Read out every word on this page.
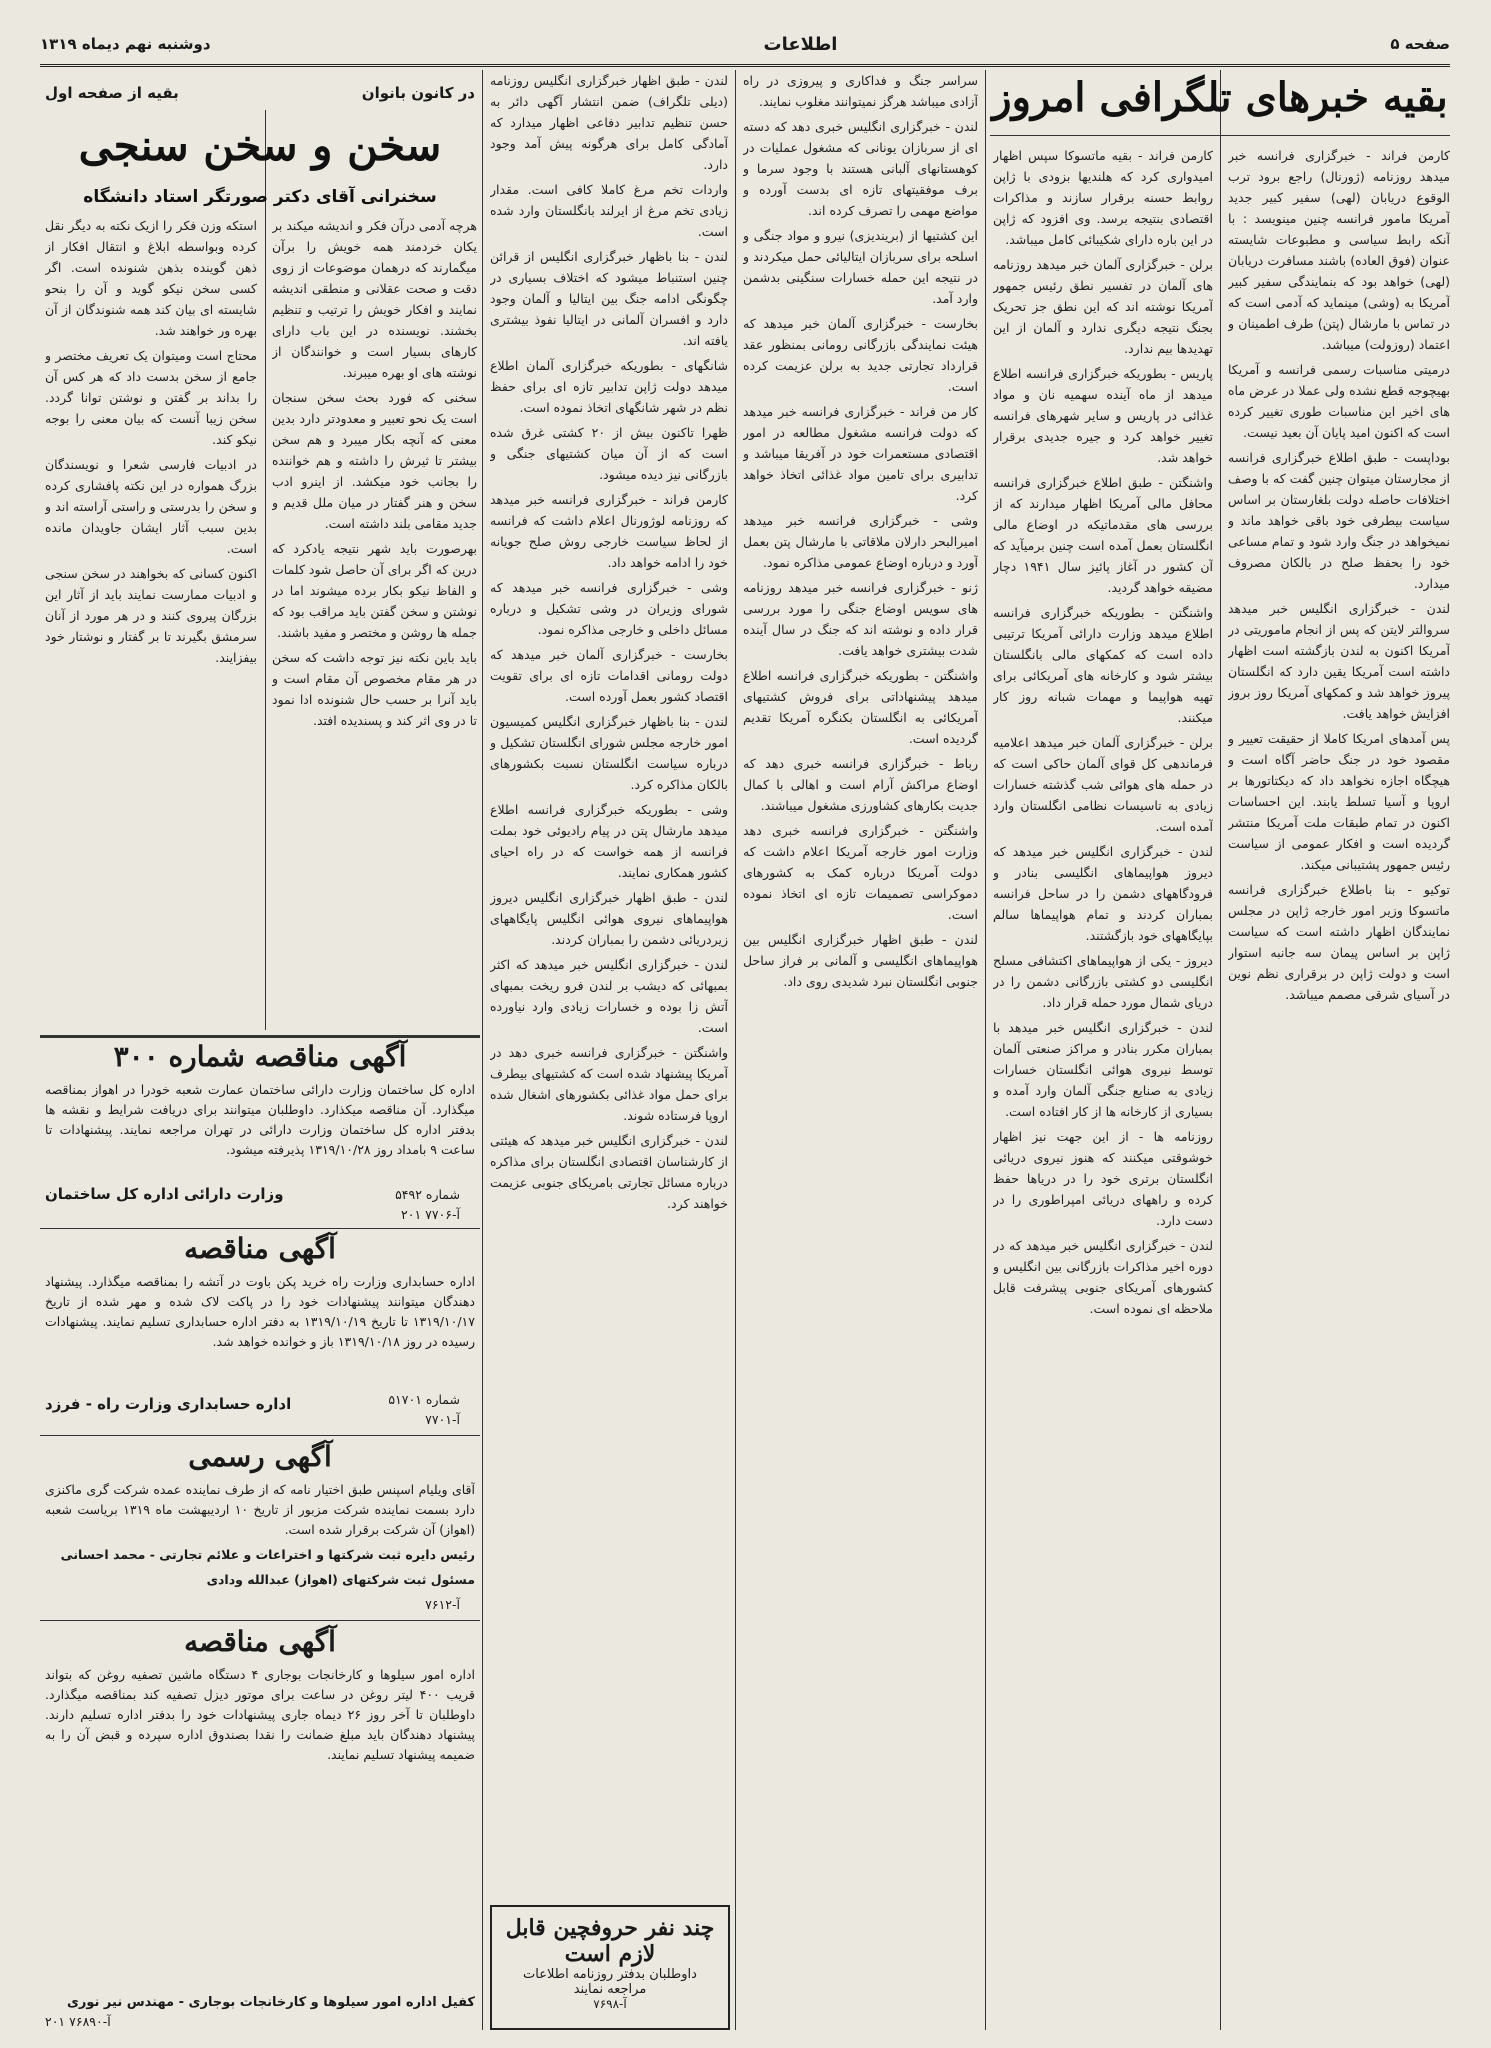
صفحه ۵
اطلاعات
دوشنبه نهم دیماه ۱۳۱۹
بقیه خبرهای تلگرافی امروز

کارمن فراند - خبرگزاری فرانسه خبر میدهد روزنامه (ژورنال) راجع برود ترب الوقوع دریابان (لهی) سفیر کبیر جدید آمریکا مامور فرانسه چنین مینویسد : با آنکه رابط سیاسی و مطبوعات شایسته عنوان (فوق العاده) باشند مسافرت دریابان (لهی) خواهد بود که بنمایندگی سفیر کبیر آمریکا به (وشی) مینماید که آدمی است که در تماس با مارشال (پتن) طرف اطمینان و اعتماد (روزولت) میباشد.

درمیتی مناسبات رسمی فرانسه و آمریکا بهیچوجه قطع نشده ولی عملا در عرض ماه های اخیر این مناسبات طوری تغییر کرده است که اکنون امید پایان آن بعید نیست.

بوداپست - طبق اطلاع خبرگزاری فرانسه از مجارستان میتوان چنین گفت که با وصف اختلافات حاصله دولت بلغارستان بر اساس سیاست بیطرفی خود باقی خواهد ماند و نمیخواهد در جنگ وارد شود و تمام مساعی خود را بحفظ صلح در بالکان مصروف میدارد.

لندن - خبرگزاری انگلیس خبر میدهد سروالتر لایتن که پس از انجام ماموریتی در آمریکا اکنون به لندن بازگشته است اظهار داشته است آمریکا یقین دارد که انگلستان پیروز خواهد شد و کمکهای آمریکا روز بروز افزایش خواهد یافت.

پس آمدهای امریکا کاملا از حقیقت تعییر و مقصود خود در جنگ حاضر آگاه است و هیچگاه اجازه نخواهد داد که دیکتاتورها بر اروپا و آسیا تسلط یابند. این احساسات اکنون در تمام طبقات ملت آمریکا منتشر گردیده است و افکار عمومی از سیاست رئیس جمهور پشتیبانی میکند.

توکیو - بنا باطلاع خبرگزاری فرانسه ماتسوکا وزیر امور خارجه ژاپن در مجلس نمایندگان اظهار داشته است که سیاست ژاپن بر اساس پیمان سه جانبه استوار است و دولت ژاپن در برقراری نظم نوین در آسیای شرقی مصمم میباشد.

کارمن فراند - بقیه ماتسوکا سپس اظهار امیدواری کرد که هلندیها بزودی با ژاپن روابط حسنه برقرار سازند و مذاکرات اقتصادی بنتیجه برسد. وی افزود که ژاپن در این باره دارای شکیبائی کامل میباشد.

برلن - خبرگزاری آلمان خبر میدهد روزنامه های آلمان در تفسیر نطق رئیس جمهور آمریکا نوشته اند که این نطق جز تحریک بجنگ نتیجه دیگری ندارد و آلمان از این تهدیدها بیم ندارد.

پاریس - بطوریکه خبرگزاری فرانسه اطلاع میدهد از ماه آینده سهمیه نان و مواد غذائی در پاریس و سایر شهرهای فرانسه تغییر خواهد کرد و جیره جدیدی برقرار خواهد شد.

واشنگتن - طبق اطلاع خبرگزاری فرانسه محافل مالی آمریکا اظهار میدارند که از بررسی های مقدماتیکه در اوضاع مالی انگلستان بعمل آمده است چنین برمیآید که آن کشور در آغاز پائیز سال ۱۹۴۱ دچار مضیقه خواهد گردید.

واشنگتن - بطوریکه خبرگزاری فرانسه اطلاع میدهد وزارت دارائی آمریکا ترتیبی داده است که کمکهای مالی بانگلستان بیشتر شود و کارخانه های آمریکائی برای تهیه هواپیما و مهمات شبانه روز کار میکنند.

برلن - خبرگزاری آلمان خبر میدهد اعلامیه فرماندهی کل قوای آلمان حاکی است که در حمله های هوائی شب گذشته خسارات زیادی به تاسیسات نظامی انگلستان وارد آمده است.

لندن - خبرگزاری انگلیس خبر میدهد که دیروز هواپیماهای انگلیسی بنادر و فرودگاههای دشمن را در ساحل فرانسه بمباران کردند و تمام هواپیماها سالم بپایگاههای خود بازگشتند.

دیروز - یکی از هواپیماهای اکتشافی مسلح انگلیسی دو کشتی بازرگانی دشمن را در دریای شمال مورد حمله قرار داد.

لندن - خبرگزاری انگلیس خبر میدهد با بمباران مکرر بنادر و مراکز صنعتی آلمان توسط نیروی هوائی انگلستان خسارات زیادی به صنایع جنگی آلمان وارد آمده و بسیاری از کارخانه ها از کار افتاده است.

روزنامه ها - از این جهت نیز اظهار خوشوقتی میکنند که هنوز نیروی دریائی انگلستان برتری خود را در دریاها حفظ کرده و راههای دریائی امپراطوری را در دست دارد.

لندن - خبرگزاری انگلیس خبر میدهد که در دوره اخیر مذاکرات بازرگانی بین انگلیس و کشورهای آمریکای جنوبی پیشرفت قابل ملاحظه ای نموده است.

سراسر جنگ و فداکاری و پیروزی در راه آزادی میباشد هرگز نمیتوانند مغلوب نمایند.

لندن - خبرگزاری انگلیس خبری دهد که دسته ای از سربازان یونانی که مشغول عملیات در کوهستانهای آلبانی هستند با وجود سرما و برف موفقیتهای تازه ای بدست آورده و مواضع مهمی را تصرف کرده اند.

این کشتیها از (بریندیزی) نیرو و مواد جنگی و اسلحه برای سربازان ایتالیائی حمل میکردند و در نتیجه این حمله خسارات سنگینی بدشمن وارد آمد.

بخارست - خبرگزاری آلمان خبر میدهد که هیئت نمایندگی بازرگانی رومانی بمنظور عقد قرارداد تجارتی جدید به برلن عزیمت کرده است.

کار من فراند - خبرگزاری فرانسه خبر میدهد که دولت فرانسه مشغول مطالعه در امور اقتصادی مستعمرات خود در آفریقا میباشد و تدابیری برای تامین مواد غذائی اتخاذ خواهد کرد.

وشی - خبرگزاری فرانسه خبر میدهد امیرالبحر دارلان ملاقاتی با مارشال پتن بعمل آورد و درباره اوضاع عمومی مذاکره نمود.

ژنو - خبرگزاری فرانسه خبر میدهد روزنامه های سویس اوضاع جنگی را مورد بررسی قرار داده و نوشته اند که جنگ در سال آینده شدت بیشتری خواهد یافت.

واشنگتن - بطوریکه خبرگزاری فرانسه اطلاع میدهد پیشنهاداتی برای فروش کشتیهای آمریکائی به انگلستان بکنگره آمریکا تقدیم گردیده است.

رباط - خبرگزاری فرانسه خبری دهد که اوضاع مراکش آرام است و اهالی با کمال جدیت بکارهای کشاورزی مشغول میباشند.

واشنگتن - خبرگزاری فرانسه خبری دهد وزارت امور خارجه آمریکا اعلام داشت که دولت آمریکا درباره کمک به کشورهای دموکراسی تصمیمات تازه ای اتخاذ نموده است.

لندن - طبق اظهار خبرگزاری انگلیس بین هواپیماهای انگلیسی و آلمانی بر فراز ساحل جنوبی انگلستان نبرد شدیدی روی داد.

لندن - طبق اظهار خبرگزاری انگلیس روزنامه (دیلی تلگراف) ضمن انتشار آگهی دائر به حسن تنظیم تدابیر دفاعی اظهار میدارد که آمادگی کامل برای هرگونه پیش آمد وجود دارد.

واردات تخم مرغ کاملا کافی است. مقدار زیادی تخم مرغ از ایرلند بانگلستان وارد شده است.

لندن - بنا باظهار خبرگزاری انگلیس از قرائن چنین استنباط میشود که اختلاف بسیاری در چگونگی ادامه جنگ بین ایتالیا و آلمان وجود دارد و افسران آلمانی در ایتالیا نفوذ بیشتری یافته اند.

شانگهای - بطوریکه خبرگزاری آلمان اطلاع میدهد دولت ژاپن تدابیر تازه ای برای حفظ نظم در شهر شانگهای اتخاذ نموده است.

ظهرا تاکنون بیش از ۲۰ کشتی غرق شده است که از آن میان کشتیهای جنگی و بازرگانی نیز دیده میشود.

کارمن فراند - خبرگزاری فرانسه خبر میدهد که روزنامه لوژورنال اعلام داشت که فرانسه از لحاظ سیاست خارجی روش صلح جویانه خود را ادامه خواهد داد.

وشی - خبرگزاری فرانسه خبر میدهد که شورای وزیران در وشی تشکیل و درباره مسائل داخلی و خارجی مذاکره نمود.

بخارست - خبرگزاری آلمان خبر میدهد که دولت رومانی اقدامات تازه ای برای تقویت اقتصاد کشور بعمل آورده است.

لندن - بنا باظهار خبرگزاری انگلیس کمیسیون امور خارجه مجلس شورای انگلستان تشکیل و درباره سیاست انگلستان نسبت بکشورهای بالکان مذاکره کرد.

وشی - بطوریکه خبرگزاری فرانسه اطلاع میدهد مارشال پتن در پیام رادیوئی خود بملت فرانسه از همه خواست که در راه احیای کشور همکاری نمایند.

لندن - طبق اظهار خبرگزاری انگلیس دیروز هواپیماهای نیروی هوائی انگلیس پایگاههای زیردریائی دشمن را بمباران کردند.

لندن - خبرگزاری انگلیس خبر میدهد که اکثر بمبهائی که دیشب بر لندن فرو ریخت بمبهای آتش زا بوده و خسارات زیادی وارد نیاورده است.

واشنگتن - خبرگزاری فرانسه خبری دهد در آمریکا پیشنهاد شده است که کشتیهای بیطرف برای حمل مواد غذائی بکشورهای اشغال شده اروپا فرستاده شوند.

لندن - خبرگزاری انگلیس خبر میدهد که هیئتی از کارشناسان اقتصادی انگلستان برای مذاکره درباره مسائل تجارتی بامریکای جنوبی عزیمت خواهند کرد.

چند نفر حروفچین قابل
لازم است
داوطلبان بدفتر روزنامه اطلاعات
مراجعه نمایند
آ-۷۶۹۸
در کانون بانوان
بقیه از صفحه اول
سخن و سخن سنجی
سخنرانی آقای دکتر صورتگر استاد دانشگاه

هرچه آدمی درآن فکر و اندیشه میکند بر یکان خردمند همه خویش را برآن میگمارند که درهمان موضوعات از زوی دقت و صحت عقلانی و منطقی اندیشه نمایند و افکار خویش را ترتیب و تنظیم بخشند. نویسنده در این باب دارای کارهای بسیار است و خوانندگان از نوشته های او بهره میبرند.

سخنی که فورد بحث سخن سنجان است یک نحو تعبیر و معدودتر دارد بدین معنی که آنچه بکار میبرد و هم سخن بیشتر تا ثیرش را داشته و هم خواننده را بجانب خود میکشد. از اینرو ادب سخن و هنر گفتار در میان ملل قدیم و جدید مقامی بلند داشته است.

بهرصورت باید شهر نتیجه یادکرد که درین که اگر برای آن حاصل شود کلمات و الفاظ نیکو بکار برده میشوند اما در نوشتن و سخن گفتن باید مراقب بود که جمله ها روشن و مختصر و مفید باشند.

باید باین نکته نیز توجه داشت که سخن در هر مقام مخصوص آن مقام است و باید آنرا بر حسب حال شنونده ادا نمود تا در وی اثر کند و پسندیده افتد.

استکه وزن فکر را ازیک نکته به دیگر نقل کرده وبواسطه ابلاغ و انتقال افکار از ذهن گوینده بذهن شنونده است. اگر کسی سخن نیکو گوید و آن را بنحو شایسته ای بیان کند همه شنوندگان از آن بهره ور خواهند شد.

محتاج است ومیتوان یک تعریف مختصر و جامع از سخن بدست داد که هر کس آن را بداند بر گفتن و نوشتن توانا گردد. سخن زیبا آنست که بیان معنی را بوجه نیکو کند.

در ادبیات فارسی شعرا و نویسندگان بزرگ همواره در این نکته پافشاری کرده و سخن را بدرستی و راستی آراسته اند و بدین سبب آثار ایشان جاویدان مانده است.

اکنون کسانی که بخواهند در سخن سنجی و ادبیات ممارست نمایند باید از آثار این بزرگان پیروی کنند و در هر مورد از آنان سرمشق بگیرند تا بر گفتار و نوشتار خود بیفزایند.

آگهی مناقصه شماره ۳۰۰
اداره کل ساختمان وزارت دارائی ساختمان عمارت شعبه خودرا در اهواز بمناقصه میگذارد. آن مناقصه میکذارد. داوطلبان میتوانند برای دریافت شرایط و نقشه ها بدفتر اداره کل ساختمان وزارت دارائی در تهران مراجعه نمایند. پیشنهادات تا ساعت ۹ بامداد روز ۱۳۱۹/۱۰/۲۸ پذیرفته میشود.
وزارت دارائی اداره کل ساختمان	شماره ۵۴۹۲
آ-۷۷۰۶ ۲۰۱
آگهی مناقصه
اداره حسابداری وزارت راه خرید پکن باوت در آتشه را بمناقصه میگذارد. پیشنهاد دهندگان میتوانند پیشنهادات خود را در پاکت لاک شده و مهر شده از تاریخ ۱۳۱۹/۱۰/۱۷ تا تاریخ ۱۳۱۹/۱۰/۱۹ به دفتر اداره حسابداری تسلیم نمایند. پیشنهادات رسیده در روز ۱۳۱۹/۱۰/۱۸ باز و خوانده خواهد شد.
اداره حسابداری وزارت راه - فرزد	شماره ۵۱۷۰۱
آ-۷۷۰۱
آگهی رسمی
آقای ویلیام اسپنس طبق اختیار نامه که از طرف نماینده عمده شرکت گری ماکنزی دارد بسمت نماینده شرکت مزبور از تاریخ ۱۰ اردیبهشت ماه ۱۳۱۹ بریاست شعبه (اهواز) آن شرکت برقرار شده است.
رئیس دایره ثبت شرکتها و اختراعات و علائم تجارتی - محمد احسانی
مسئول ثبت شرکتهای (اهواز) عبدالله ودادی
آ-۷۶۱۲
آگهی مناقصه
اداره امور سیلوها و کارخانجات بوجاری ۴ دستگاه ماشین تصفیه روغن که بتواند قریب ۴۰۰ لیتر روغن در ساعت برای موتور دیزل تصفیه کند بمناقصه میگذارد. داوطلبان تا آخر روز ۲۶ دیماه جاری پیشنهادات خود را بدفتر اداره تسلیم دارند. پیشنهاد دهندگان باید مبلغ ضمانت را نقدا بصندوق اداره سپرده و قبض آن را به ضمیمه پیشنهاد تسلیم نمایند.
کفیل اداره امور سیلوها و کارخانجات بوجاری - مهندس نیر نوری
آ-۷۶۸۹۰ ۲۰۱
